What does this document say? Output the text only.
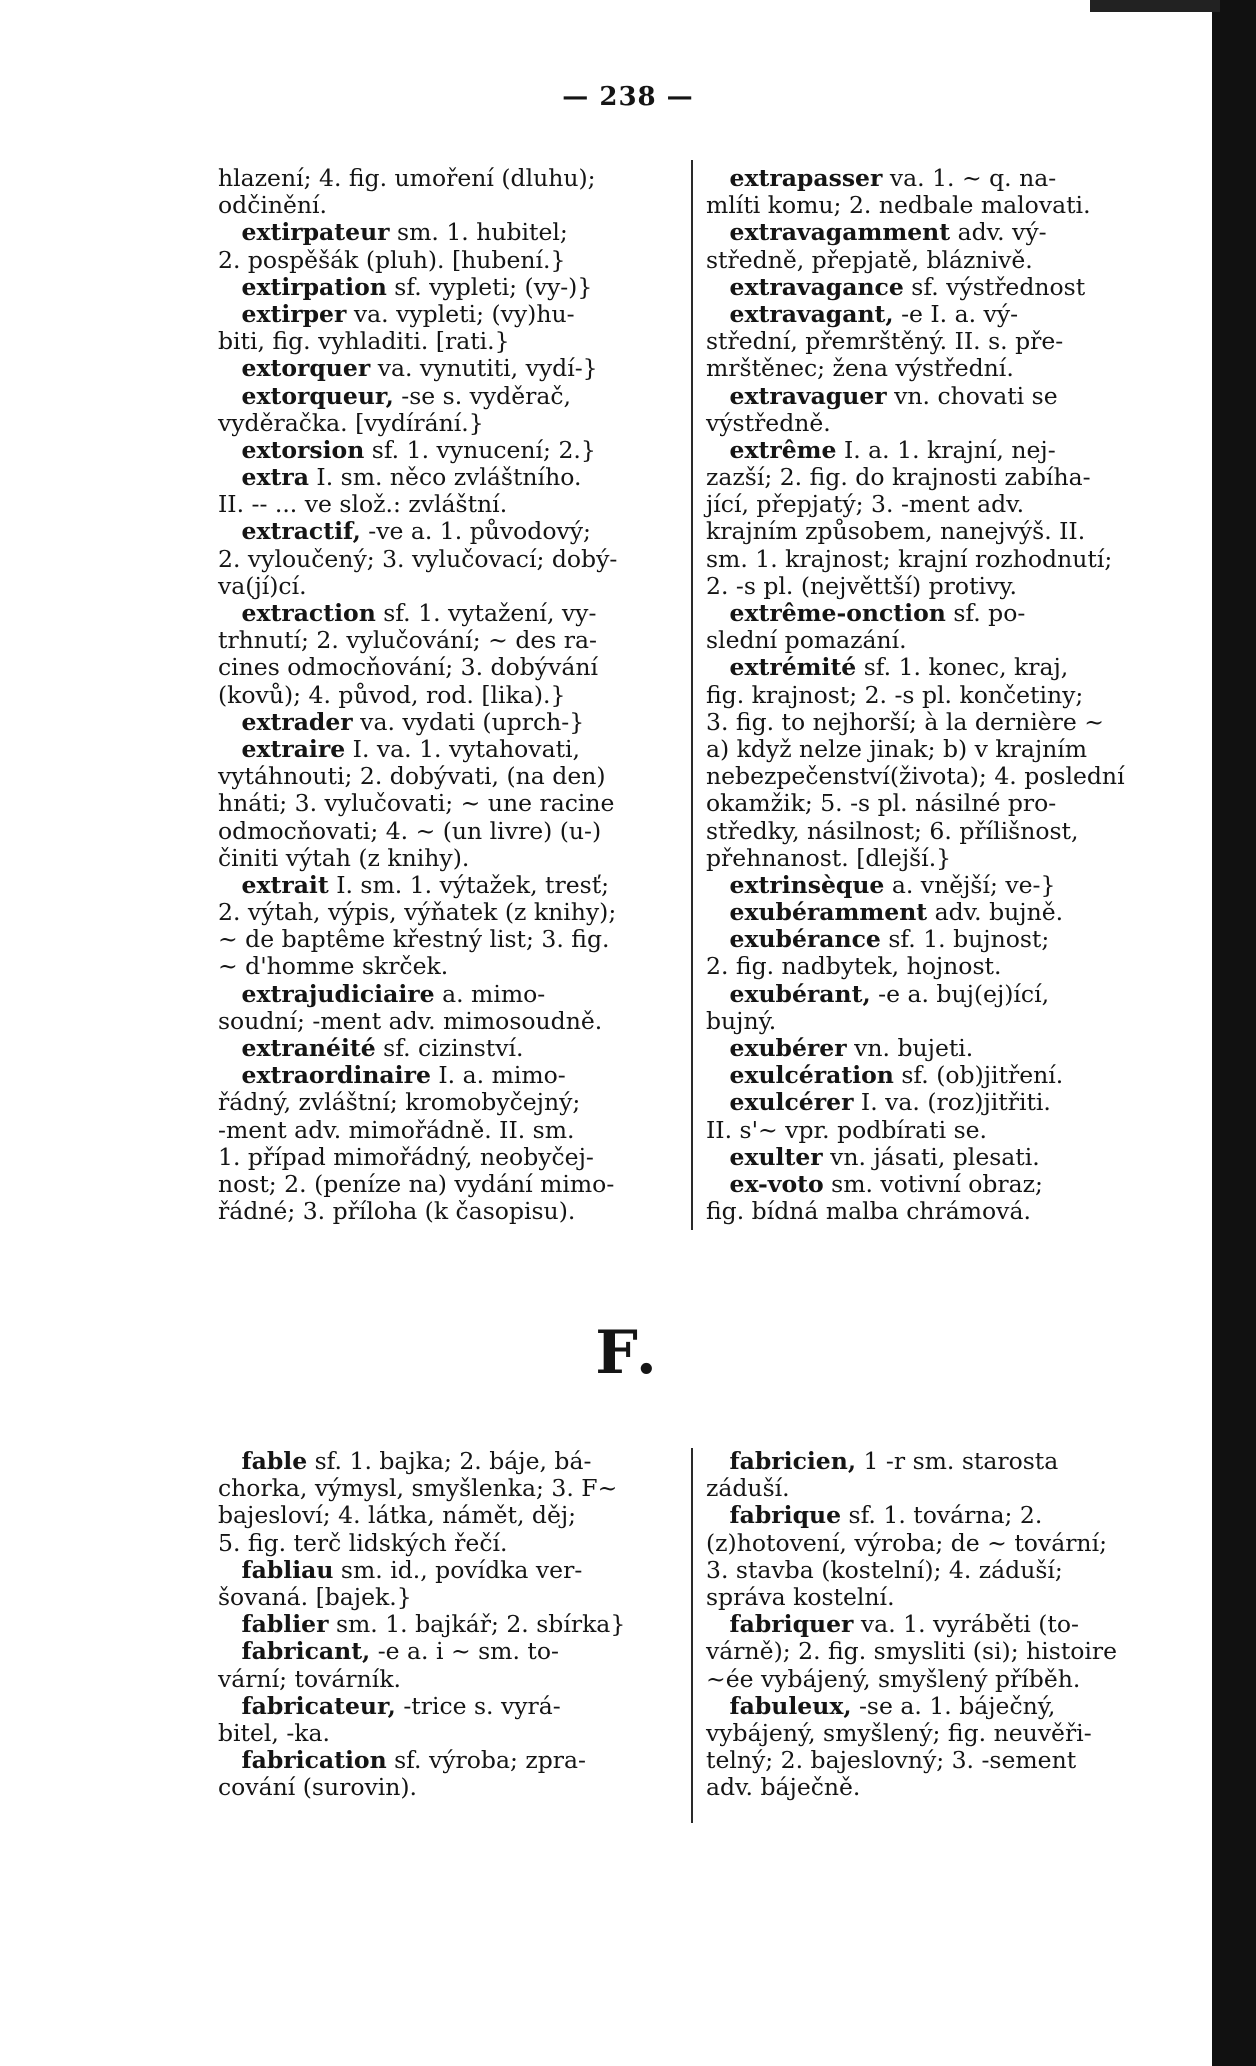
— 238 —
hlazení; 4. fig. umoření (dluhu);
odčinění.
 extirpateur sm. 1. hubitel;
2. pospěšák (pluh). [hubení.}
 extirpation sf. vypleti; (vy-)}
 extirper va. vypleti; (vy)hu-
biti, fig. vyhladiti. [rati.}
 extorquer va. vynutiti, vydí-}
 extorqueur, -se s. vyděrač,
vyděračka. [vydírání.}
 extorsion sf. 1. vynucení; 2.}
 extra I. sm. něco zvláštního.
II. -- ... ve slož.: zvláštní.
 extractif, -ve a. 1. původový;
2. vyloučený; 3. vylučovací; dobý-
va(jí)cí.
 extraction sf. 1. vytažení, vy-
trhnutí; 2. vylučování; ~ des ra-
cines odmocňování; 3. dobývání
(kovů); 4. původ, rod. [lika).}
 extrader va. vydati (uprch-}
 extraire I. va. 1. vytahovati,
vytáhnouti; 2. dobývati, (na den)
hnáti; 3. vylučovati; ~ une racine
odmocňovati; 4. ~ (un livre) (u-)
činiti výtah (z knihy).
 extrait I. sm. 1. výtažek, tresť;
2. výtah, výpis, výňatek (z knihy);
~ de baptême křestný list; 3. fig.
~ d'homme skrček.
 extrajudiciaire a. mimo-
soudní; -ment adv. mimosoudně.
 extranéité sf. cizinství.
 extraordinaire I. a. mimo-
řádný, zvláštní; kromobyčejný;
-ment adv. mimořádně. II. sm.
1. případ mimořádný, neobyčej-
nost; 2. (peníze na) vydání mimo-
řádné; 3. příloha (k časopisu).
 extrapasser va. 1. ~ q. na-
mlíti komu; 2. nedbale malovati.
 extravagamment adv. vý-
středně, přepjatě, bláznivě.
 extravagance sf. výstřednost
 extravagant, -e I. a. vý-
střední, přemrštěný. II. s. pře-
mrštěnec; žena výstřední.
 extravaguer vn. chovati se
výstředně.
 extrême I. a. 1. krajní, nej-
zazší; 2. fig. do krajnosti zabíha-
jící, přepjatý; 3. -ment adv.
krajním způsobem, nanejvýš. II.
sm. 1. krajnost; krajní rozhodnutí;
2. -s pl. (největtší) protivy.
 extrême-onction sf. po-
slední pomazání.
 extrémité sf. 1. konec, kraj,
fig. krajnost; 2. -s pl. končetiny;
3. fig. to nejhorší; à la dernière ~
a) když nelze jinak; b) v krajním
nebezpečenství(života); 4. poslední
okamžik; 5. -s pl. násilné pro-
středky, násilnost; 6. přílišnost,
přehnanost. [dlejší.}
 extrinsèque a. vnější; ve-}
 exubéramment adv. bujně.
 exubérance sf. 1. bujnost;
2. fig. nadbytek, hojnost.
 exubérant, -e a. buj(ej)ící,
bujný.
 exubérer vn. bujeti.
 exulcération sf. (ob)jitření.
 exulcérer I. va. (roz)jitřiti.
II. s'~ vpr. podbírati se.
 exulter vn. jásati, plesati.
 ex-voto sm. votivní obraz;
fig. bídná malba chrámová.
F.
 fable sf. 1. bajka; 2. báje, bá-
chorka, výmysl, smyšlenka; 3. F~
bajesloví; 4. látka, námět, děj;
5. fig. terč lidských řečí.
 fabliau sm. id., povídka ver-
šovaná. [bajek.}
 fablier sm. 1. bajkář; 2. sbírka}
 fabricant, -e a. i ~ sm. to-
vární; továrník.
 fabricateur, -trice s. vyrá-
bitel, -ka.
 fabrication sf. výroba; zpra-
cování (surovin).
 fabricien, 1 -r sm. starosta
záduší.
 fabrique sf. 1. továrna; 2.
(z)hotovení, výroba; de ~ tovární;
3. stavba (kostelní); 4. záduší;
správa kostelní.
 fabriquer va. 1. vyráběti (to-
várně); 2. fig. smysliti (si); histoire
~ée vybájený, smyšlený příběh.
 fabuleux, -se a. 1. báječný,
vybájený, smyšlený; fig. neuvěři-
telný; 2. bajeslovný; 3. -sement
adv. báječně.
